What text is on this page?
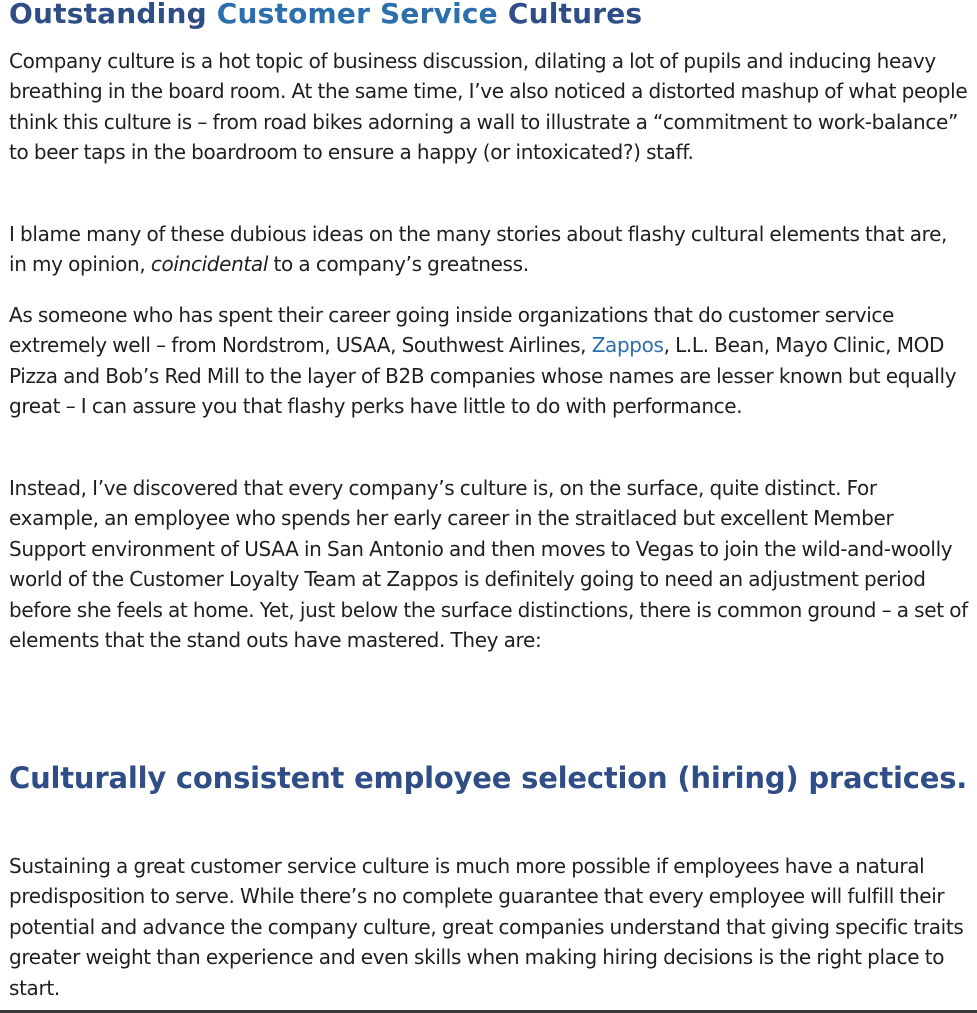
Outstanding Customer Service Cultures

Company culture is a hot topic of business discussion, dilating a lot of pupils and inducing heavy breathing in the board room. At the same time, I’ve also noticed a distorted mashup of what people think this culture is – from road bikes adorning a wall to illustrate a “commitment to work-balance” to beer taps in the boardroom to ensure a happy (or intoxicated?) staff.

I blame many of these dubious ideas on the many stories about flashy cultural elements that are, in my opinion, coincidental to a company’s greatness.

As someone who has spent their career going inside organizations that do customer service extremely well – from Nordstrom, USAA, Southwest Airlines, Zappos, L.L. Bean, Mayo Clinic, MOD Pizza and Bob’s Red Mill to the layer of B2B companies whose names are lesser known but equally great – I can assure you that flashy perks have little to do with performance.

Instead, I’ve discovered that every company’s culture is, on the surface, quite distinct. For example, an employee who spends her early career in the straitlaced but excellent Member Support environment of USAA in San Antonio and then moves to Vegas to join the wild-and-woolly world of the Customer Loyalty Team at Zappos is definitely going to need an adjustment period before she feels at home. Yet, just below the surface distinctions, there is common ground – a set of elements that the stand outs have mastered. They are:

Culturally consistent employee selection (hiring) practices.

Sustaining a great customer service culture is much more possible if employees have a natural predisposition to serve. While there’s no complete guarantee that every employee will fulfill their potential and advance the company culture, great companies understand that giving specific traits greater weight than experience and even skills when making hiring decisions is the right place to start.
